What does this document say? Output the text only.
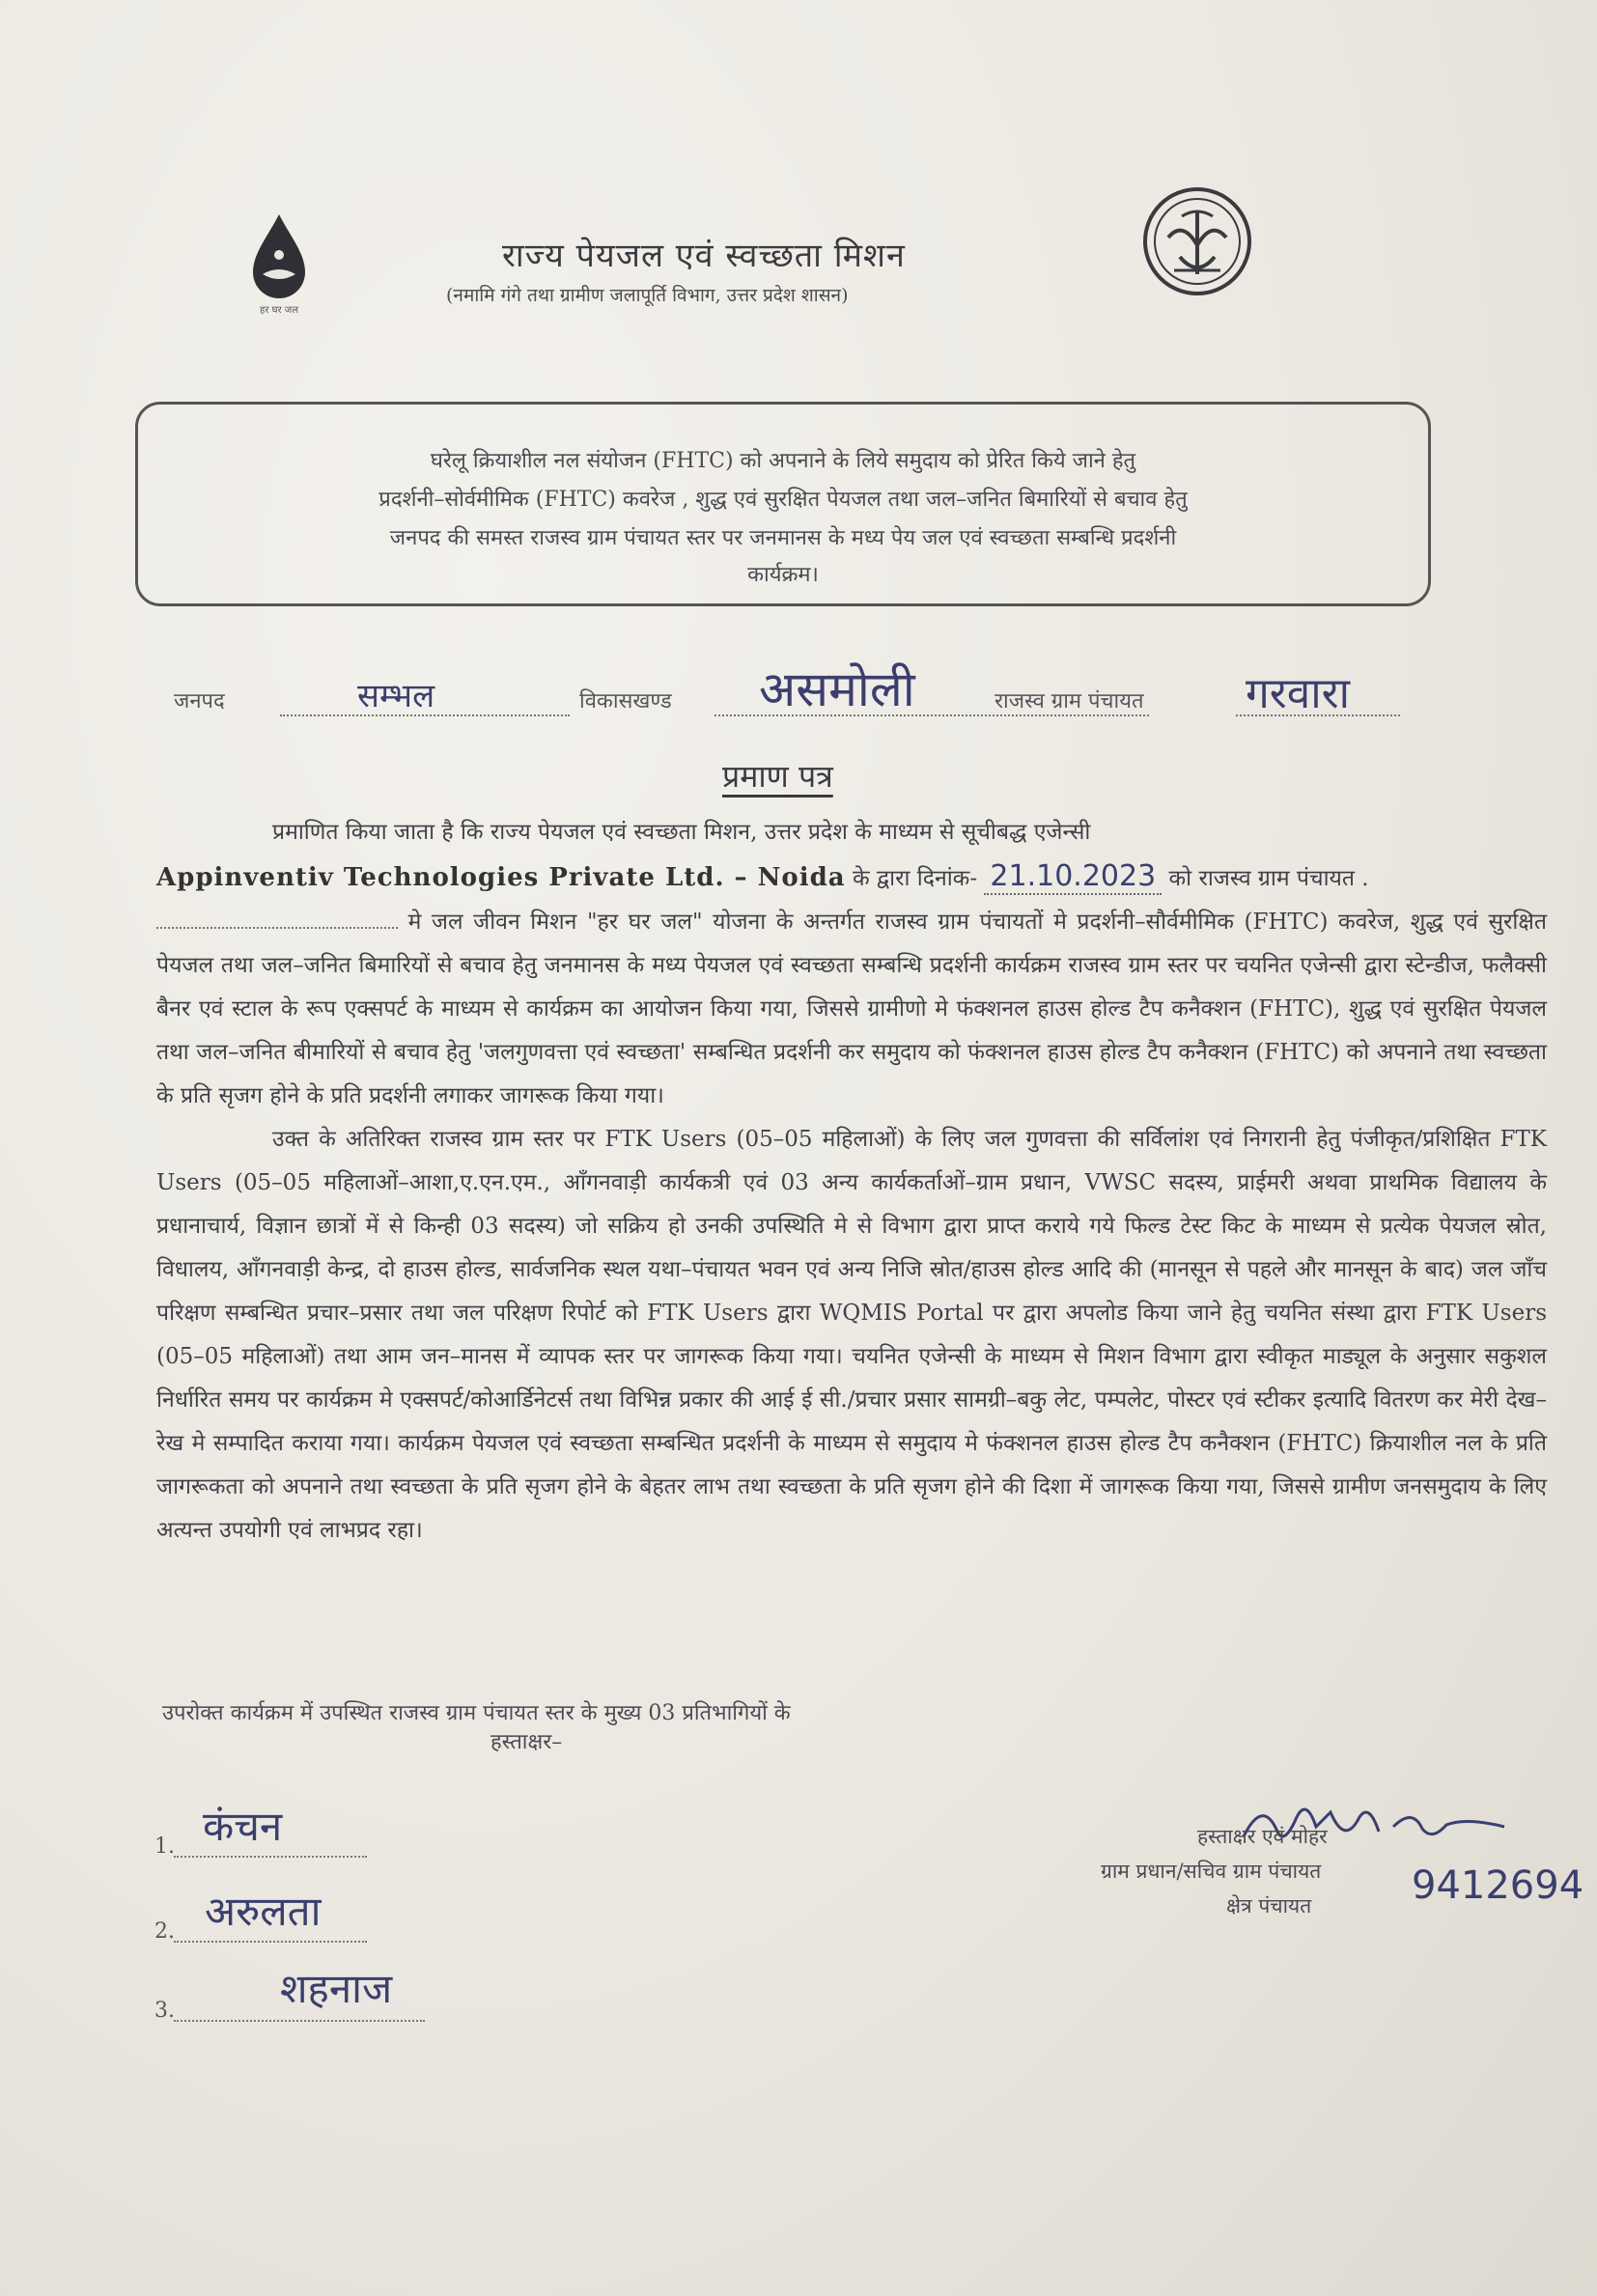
हर घर जल
राज्य पेयजल एवं स्वच्छता मिशन
(नमामि गंगे तथा ग्रामीण जलापूर्ति विभाग, उत्तर प्रदेश शासन)
घरेलू क्रियाशील नल संयोजन (FHTC) को अपनाने के लिये समुदाय को प्रेरित किये जाने हेतु
प्रदर्शनी–सोर्वमीमिक (FHTC) कवरेज , शुद्ध एवं सुरक्षित पेयजल तथा जल–जनित बिमारियों से बचाव हेतु
जनपद की समस्त राजस्व ग्राम पंचायत स्तर पर जनमानस के मध्य पेय जल एवं स्वच्छता सम्बन्धि प्रदर्शनी
कार्यक्रम।
जनपद	सम्भल	विकासखण्ड असमोली	राजस्व ग्राम पंचायत गरवारा
प्रमाण पत्र

प्रमाणित किया जाता है कि राज्य पेयजल एवं स्वच्छता मिशन, उत्तर प्रदेश के माध्यम से सूचीबद्ध एजेन्सी
Appinventiv Technologies Private Ltd. – Noida के द्वारा दिनांक- 21.10.2023 को राजस्व ग्राम पंचायत .
मे जल जीवन मिशन "हर घर जल" योजना के अन्तर्गत राजस्व ग्राम पंचायतों मे प्रदर्शनी–सौर्वमीमिक (FHTC) कवरेज, शुद्ध एवं सुरक्षित पेयजल तथा जल–जनित बिमारियों से बचाव हेतु जनमानस के मध्य पेयजल एवं स्वच्छता सम्बन्धि प्रदर्शनी कार्यक्रम राजस्व ग्राम स्तर पर चयनित एजेन्सी द्वारा स्टेन्डीज, फलैक्सी बैनर एवं स्टाल के रूप एक्सपर्ट के माध्यम से कार्यक्रम का आयोजन किया गया, जिससे ग्रामीणो मे फंक्शनल हाउस होल्ड टैप कनैक्शन (FHTC), शुद्ध एवं सुरक्षित पेयजल तथा जल–जनित बीमारियों से बचाव हेतु 'जलगुणवत्ता एवं स्वच्छता' सम्बन्धित प्रदर्शनी कर समुदाय को फंक्शनल हाउस होल्ड टैप कनैक्शन (FHTC) को अपनाने तथा स्वच्छता के प्रति सृजग होने के प्रति प्रदर्शनी लगाकर जागरूक किया गया।

उक्त के अतिरिक्त राजस्व ग्राम स्तर पर FTK Users (05–05 महिलाओं) के लिए जल गुणवत्ता की सर्विलांश एवं निगरानी हेतु पंजीकृत/प्रशिक्षित FTK Users (05–05 महिलाओं–आशा,ए.एन.एम., आँगनवाड़ी कार्यकत्री एवं 03 अन्य कार्यकर्ताओं–ग्राम प्रधान, VWSC सदस्य, प्राईमरी अथवा प्राथमिक विद्यालय के प्रधानाचार्य, विज्ञान छात्रों में से किन्ही 03 सदस्य) जो सक्रिय हो उनकी उपस्थिति मे से विभाग द्वारा प्राप्त कराये गये फिल्ड टेस्ट किट के माध्यम से प्रत्येक पेयजल स्रोत, विधालय, आँगनवाड़ी केन्द्र, दो हाउस होल्ड, सार्वजनिक स्थल यथा–पंचायत भवन एवं अन्य निजि स्रोत/हाउस होल्ड आदि की (मानसून से पहले और मानसून के बाद) जल जाँच परिक्षण सम्बन्धित प्रचार–प्रसार तथा जल परिक्षण रिपोर्ट को FTK Users द्वारा WQMIS Portal पर द्वारा अपलोड किया जाने हेतु चयनित संस्था द्वारा FTK Users (05–05 महिलाओं) तथा आम जन–मानस में व्यापक स्तर पर जागरूक किया गया। चयनित एजेन्सी के माध्यम से मिशन विभाग द्वारा स्वीकृत माड्यूल के अनुसार सकुशल निर्धारित समय पर कार्यक्रम मे एक्सपर्ट/कोआर्डिनेटर्स तथा विभिन्न प्रकार की आई ई सी./प्रचार प्रसार सामग्री–बकु लेट, पम्पलेट, पोस्टर एवं स्टीकर इत्यादि वितरण कर मेरी देख–रेख मे सम्पादित कराया गया। कार्यक्रम पेयजल एवं स्वच्छता सम्बन्धित प्रदर्शनी के माध्यम से समुदाय मे फंक्शनल हाउस होल्ड टैप कनैक्शन (FHTC) क्रियाशील नल के प्रति जागरूकता को अपनाने तथा स्वच्छता के प्रति सृजग होने के बेहतर लाभ तथा स्वच्छता के प्रति सृजग होने की दिशा में जागरूक किया गया, जिससे ग्रामीण जनसमुदाय के लिए अत्यन्त उपयोगी एवं लाभप्रद रहा।

उपरोक्त कार्यक्रम में उपस्थित राजस्व ग्राम पंचायत स्तर के मुख्य 03 प्रतिभागियों के
हस्ताक्षर–
1. कंचन
2. अरुलता
3.	शहनाज
हस्ताक्षर एवं मोहर
ग्राम प्रधान/सचिव ग्राम पंचायत
क्षेत्र पंचायत	9412694
